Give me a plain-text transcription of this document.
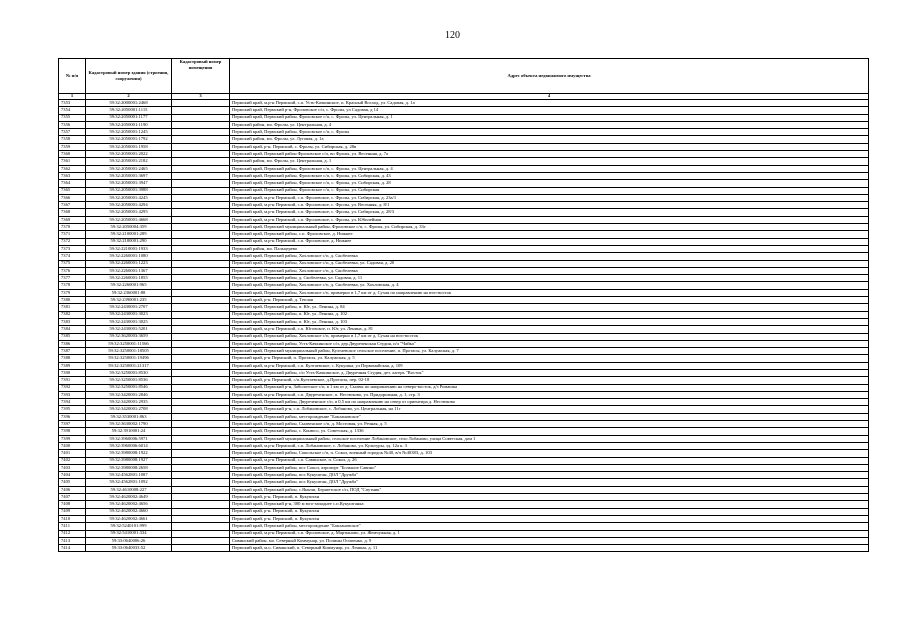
120
№ п/п	Кадастровый номер здания (строения, сооружения)	Кадастровый номер помещения	Адрес объекта недвижимого имущества
1	2	3	4
7353	59:32:2000001:2468		Пермский край, м.р-н Пермский, с.п. Усть-Качкинское, п. Красный Восход, ул. Садовая, д. 1а
7354	59:32:2050001:1115		Пермский край, Пермский р-н, Фроловское с/п, с. Фролы, ул Садовая, д 14
7355	59:32:2050001:1177		Пермский край, Пермский район, Фроловское с/п, с. Фролы, ул. Центральная, д. 1
7356	59:32:2050001:1190		Пермский район, мо. Фролы, ул. Центральная, д. 4
7357	59:32:2050001:1245		Пермский край, Пермский район, Фроловское с/п, с. Фролы
7358	59:32:2050001:1792		Пермский район, мо. Фролы, ул. Луговая, д. 1а
7359	59:32:2050001:1958		Пермский край, р-н. Пермский, с. Фролы, ул. Сибирская, д. 28в
7360	59:32:2050001:2022		Пермский край, Пермский район Фроловское с/п, во Фролы, ул. Весенняя, д. 7а
7361	59:32:2050001:2182		Пермский район, мо. Фролы, ул. Центральная, д. 1
7362	59:32:2050001:2465		Пермский край, Пермский район, Фроловское с/п, с. Фролы, ул. Центральная, д. 4
7363	59:32:2050001:3697		Пермский край, Пермский район, Фроловское с/п, с. Фролы, ул. Сибирская, д. 43
7364	59:32:2050001:3947		Пермский край, Пермский район, Фроловское с/п, с. Фролы, ул. Сибирская, д. 28
7365	59:32:2050001:3988		Пермский край, Пермский район, Фроловское с/п, с. Фролы, ул. Сибирская
7366	59:32:2050001:4245		Пермский край, м.р-н Пермский, с.п. Фроловское, с. Фролы, ул. Сибирская, д. 23а/1
7367	59:32:2050001:4294		Пермский край, м.р-н Пермский, с.п. Фроловское, с. Фролы, ул. Весенняя, д. 8/1
7368	59:32:2050001:4295		Пермский край, м.р-н Пермский, с.п. Фроловское, с. Фролы, ул. Сибирская, д. 28/3
7369	59:32:2050001:4668		Пермский край, м.р-н Пермский, с.п. Фроловское, с. Фролы, ул. Юбилейная
7370	59:32:2050004:359		Пермский край, Пермский муниципальный район, Фроловское с/п, с. Фролы, ул. Сибирская, д. 33г
7371	59:32:2100001:289		Пермский край, Пермский район, с.п. Фроловское, д. Нижнее
7372	59:32:2100001:290		Пермский край, м.р-н Пермский, с.п. Фроловское, д. Нижнее
7373	59:32:2210001:1933		Пермский район, мо. Пальцерево
7374	59:32:2260001:1080		Пермский край, Пермский район, Хохловское с/п, д. Скобелевка
7375	59:32:2260001:1223		Пермский край, Пермский район, Хохловское с/п, д. Скобелевка, ул. Садовая, д. 20
7376	59:32:2260001:1367		Пермский край, Пермский район, Хохловское с/п, д. Скобелевка
7377	59:32:2260001:1855		Пермский край, Пермский район, д. Скобелевка, ул. Садовая, д. 11
7378	59:32:2260001:965		Пермский край, Пермский район, Хохловское с/п, д. Скобелевка, ул. Хохловская, д. 4
7379	59:32:2360001:88		Пермский край, Пермский район, Хохловское с/п, примерно в 1,7 км от д. Сухая по направлению на юго-восток
7380	59:32:2390001:235		Пермский край, р-н. Пермский, д. Теплая
7381	59:32:2430001:2707		Пермский край, Пермский район, п. Юг, ул. Ленина, д. 84
7382	59:32:2430001:3023		Пермский край, Пермский район, п. Юг, ул. Ленина, д. 102
7383	59:32:2430001:3025		Пермский край, Пермский район, п. Юг, ул. Ленина, д. 103
7384	59:32:2430001:5201		Пермский край, м.р-н Пермский, с.п. Юговское, п. Юг, ул. Ленина, д. 81
7385	59:32:3620003:3659		Пермский край, Пермский район, Хохловское с/п, примерно в 1,7 км от д. Сухая на юго-восток
7386	59:32:3250001:11566		Пермский край, Пермский район, Усть-Качкинское с/п, дер.Двуреченская Студия, п/л "Чайка"
7387	59:32:3250001:18505		Пермский край, Пермский муниципальный район, Култаевское сельское поселение, п. Протасы, ул. Калужская, д. 7
7388	59:32:3250001:19496		Пермский край, р-н Пермский, п. Протасы, ул. Калужская, д. 5
7389	59:32:3250001:21317		Пермский край, м.р-н Пермский, с.п. Култаевское, с. Кукушка, ул Первомайская, д. 109
7390	59:32:3250001:8530		Пермский край, Пермский район, с/п Усть-Качкинское, д. Двуречная Студия, дет. лагерь "Восток"
7391	59:32:3250001:8536		Пермский край, р-н Пермский, с/п.Култаевское, д.Протасы, пер. 02-18
7392	59:32:3250001:8546		Пермский край, Пермский р-н, Заболотское с/п, в 1 км от д. Сылвы по направлению на северо-восток, д/з Ромашка
7393	59:32:3420001:2846		Пермский край, м.р-н Пермский, с.п. Двуреченское, п. Нестюково, ул. Придорожная, д. 1, стр. 3
7394	59:32:3420001:2935		Пермский край, Пермский район, Двуреченское с/п, в 0,5 км по направлению на север от ориентира д. Нестюково
7395	59:32:3420001:2708		Пермский край, Пермский р-н, с.п. Лобановское, с. Лобаново, ул. Центральная, на 11г
7396	59:32:3530001:863		Пермский край, Пермский район, месторождение "Баклановское"
7397	59:32:3630002:1790		Пермский край, Пермский район, Сылвенское с/п, д. Мостовая, ул. Речная, д. 5
7398	59:32:3910001:24		Пермский край, Пермский район, с. Конюсо, ул. Советская, д. 1336
7399	59:32:3960006:5971		Пермский край, Пермский муниципальный район, сельское поселение Лобановское, село Лобаново, улица Советская, дом 1
7400	59:32:3960006:6014		Пермский край, м.р-н Пермский, с.п. Лобановское, с. Лобаново, ул. Культуры, зд. 12а к. 3
7401	59:32:3980008:1922		Пермский край, Пермский район, Сокольское с/п, п. Сокол, военный городок №40, в/ч №40383, д. 103
7402	59:32:3980008:1927		Пермский край, м.р-н Пермский, с.п. Савинское, п. Сокол, д. 26
7403	59:32:3980008:2658		Пермский край, Пермский район, пос Сокол, аэропорт "Большое Савино"
7404	59:32:4562801:1087		Пермский край, Пермский район, пос Кукуштан, ДОЛ "Дружба"
7405	59:32:4562801:1092		Пермский край, Пермский район, пос Кукуштан, ДОЛ "Дружба"
7406	59:32:4610008:227		Пермский край, Пермский район, с.Янычи, Бершетское с/п, ПОД "Спутник"
7407	59:32:4620002:4649		Пермский край, р-н. Пермский, п. Кукуштан
7408	59:32:4620002:4656		Пермский край, Пермский р-н, 300 м юго-западнее с.п.Кукуштанка
7409	59:32:4620002:4660		Пермский край, р-н. Пермский, п. Кукуштан
7410	59:32:4620002:4661		Пермский край, р-н. Пермский, п. Кукуштан
7411	59:32:5240101:999		Пермский край, Пермский район, месторождение "Баклановское"
7412	59:32:5410001:334		Пермский край, м.р-н Пермский, с.п. Фроловское, д. Мартыново, ул. Жемчужная, д. 1
7413	59:33:0640006:26		Сивинский район, мо. Северный Коммунар, ул. Полины Осипенко, д. 9
7414	59:33:0640033:52		Пермский край, м.о. Сивинский, п. Северный Коммунар, ул. Ленина, д. 11
